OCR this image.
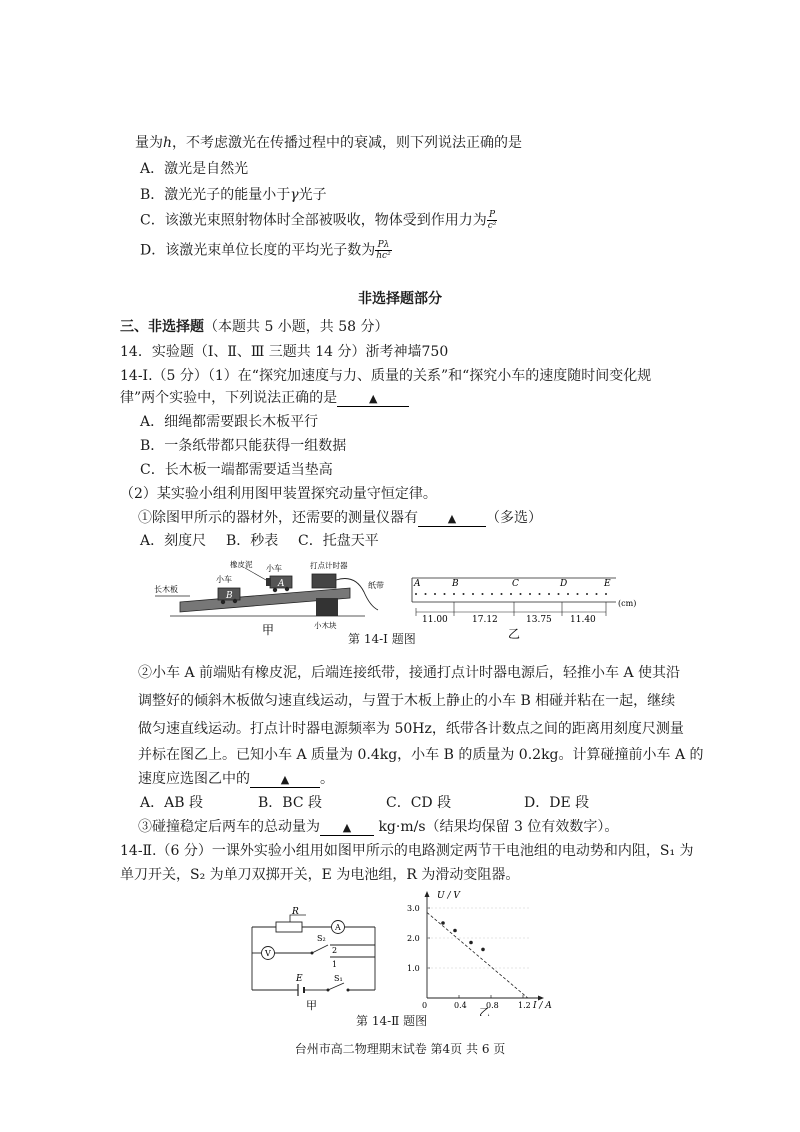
量为h，不考虑激光在传播过程中的衰减，则下列说法正确的是
A．激光是自然光
B．激光光子的能量小于γ光子
C．该激光束照射物体时全部被吸收，物体受到作用力为 $\frac{P}{\text{c²}}$
D．该激光束单位长度的平均光子数为 $\frac{P\lambda}{\text{hc²}}$
非选择题部分
三、非选择题（本题共 5 小题，共 58 分）
14．实验题（Ⅰ、Ⅱ、Ⅲ 三题共 14 分）浙考神墙750
14-Ⅰ.（5 分）（1）在“探究加速度与力、质量的关系”和“探究小车的速度随时间变化规
律”两个实验中，下列说法正确的是	▲
A．细绳都需要跟长木板平行
B．一条纸带都只能获得一组数据
C．长木板一端都需要适当垫高
（2）某实验小组利用图甲装置探究动量守恒定律。
①除图甲所示的器材外，还需要的测量仪器有	▲ （多选）
A．刻度尺 B．秒表 C．托盘天平
长木板
B
小车	A
小车
橡皮泥	打点计时器
纸带
小木块
甲
A	B	C	D	E
(cm)
11.00	17.12	13.75 11.40
乙
第 14-Ⅰ 题图
②小车 A 前端贴有橡皮泥，后端连接纸带，接通打点计时器电源后，轻推小车 A 使其沿
调整好的倾斜木板做匀速直线运动，与置于木板上静止的小车 B 相碰并粘在一起，继续
做匀速直线运动。打点计时器电源频率为 50Hz，纸带各计数点之间的距离用刻度尺测量
并标在图乙上。已知小车 A 质量为 0.4kg，小车 B 的质量为 0.2kg。计算碰撞前小车 A 的
速度应选图乙中的	▲ 。
A．AB 段	B．BC 段	C．CD 段	D．DE 段
③碰撞稳定后两车的总动量为 ▲ kg·m/s（结果均保留 3 位有效数字）。
14-Ⅱ.（6 分）一课外实验小组用如图甲所示的电路测定两节干电池组的电动势和内阻，S₁ 为
单刀开关，S₂ 为单刀双掷开关，E 为电池组，R 为滑动变阻器。
R
A
V
S₂
2
1
E	S₁
甲
1.0
2.0
3.0
0	0.4 0.8 1.2
U / V
I / A
乙
第 14-Ⅱ 题图
台州市高二物理期末试卷 第4页 共 6 页
